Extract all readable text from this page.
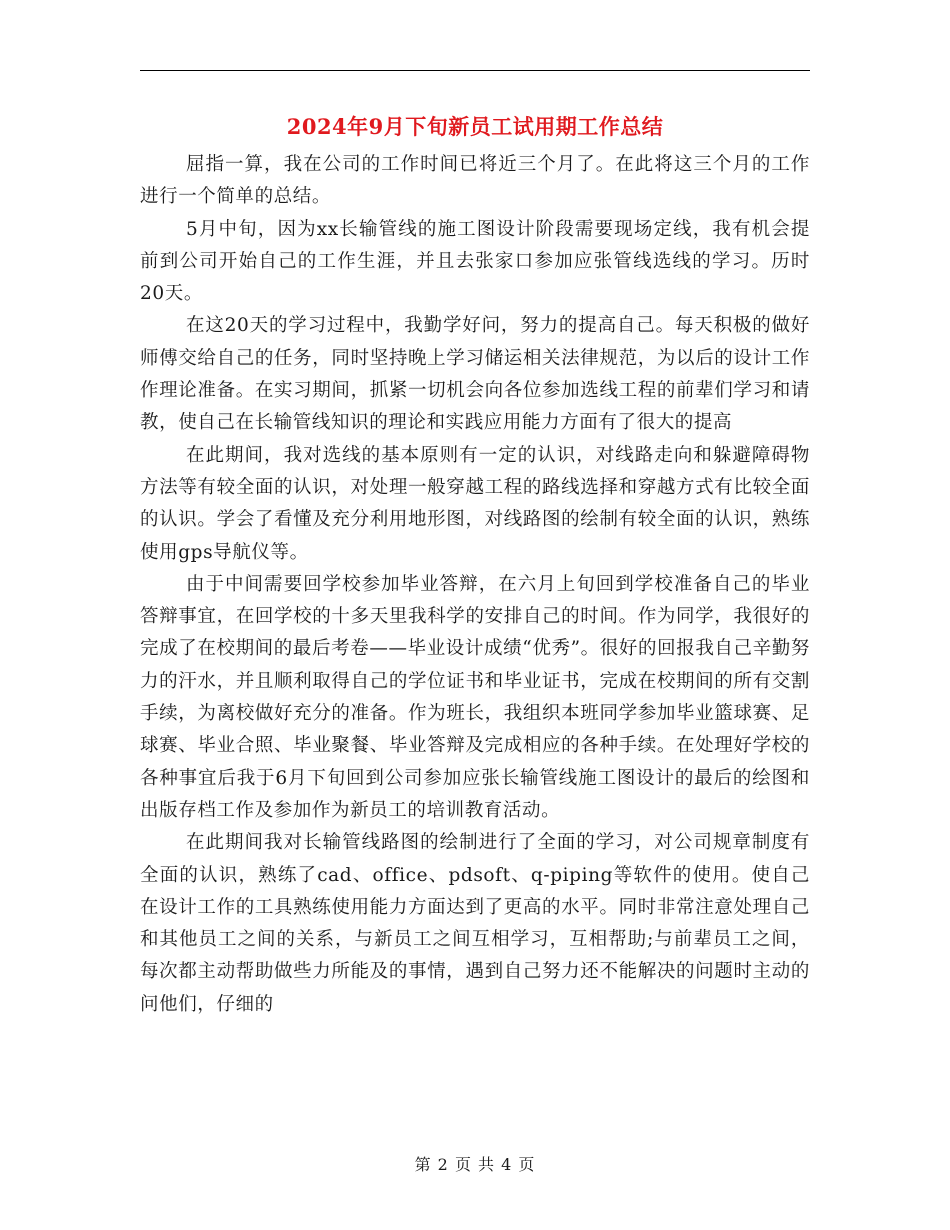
2024年9月下旬新员工试用期工作总结

屈指一算，我在公司的工作时间已将近三个月了。在此将这三个月的工作进行一个简单的总结。

5月中旬，因为xx长输管线的施工图设计阶段需要现场定线，我有机会提前到公司开始自己的工作生涯，并且去张家口参加应张管线选线的学习。历时20天。

在这20天的学习过程中，我勤学好问，努力的提高自己。每天积极的做好师傅交给自己的任务，同时坚持晚上学习储运相关法律规范，为以后的设计工作作理论准备。在实习期间，抓紧一切机会向各位参加选线工程的前辈们学习和请教，使自己在长输管线知识的理论和实践应用能力方面有了很大的提高

在此期间，我对选线的基本原则有一定的认识，对线路走向和躲避障碍物方法等有较全面的认识，对处理一般穿越工程的路线选择和穿越方式有比较全面的认识。学会了看懂及充分利用地形图，对线路图的绘制有较全面的认识，熟练使用gps导航仪等。

由于中间需要回学校参加毕业答辩，在六月上旬回到学校准备自己的毕业答辩事宜，在回学校的十多天里我科学的安排自己的时间。作为同学，我很好的完成了在校期间的最后考卷——毕业设计成绩“优秀”。很好的回报我自己辛勤努力的汗水，并且顺利取得自己的学位证书和毕业证书，完成在校期间的所有交割手续，为离校做好充分的准备。作为班长，我组织本班同学参加毕业篮球赛、足球赛、毕业合照、毕业聚餐、毕业答辩及完成相应的各种手续。在处理好学校的各种事宜后我于6月下旬回到公司参加应张长输管线施工图设计的最后的绘图和出版存档工作及参加作为新员工的培训教育活动。

在此期间我对长输管线路图的绘制进行了全面的学习，对公司规章制度有全面的认识，熟练了cad、office、pdsoft、q-piping等软件的使用。使自己在设计工作的工具熟练使用能力方面达到了更高的水平。同时非常注意处理自己和其他员工之间的关系，与新员工之间互相学习，互相帮助;与前辈员工之间，每次都主动帮助做些力所能及的事情，遇到自己努力还不能解决的问题时主动的问他们，仔细的

第 2 页 共 4 页
